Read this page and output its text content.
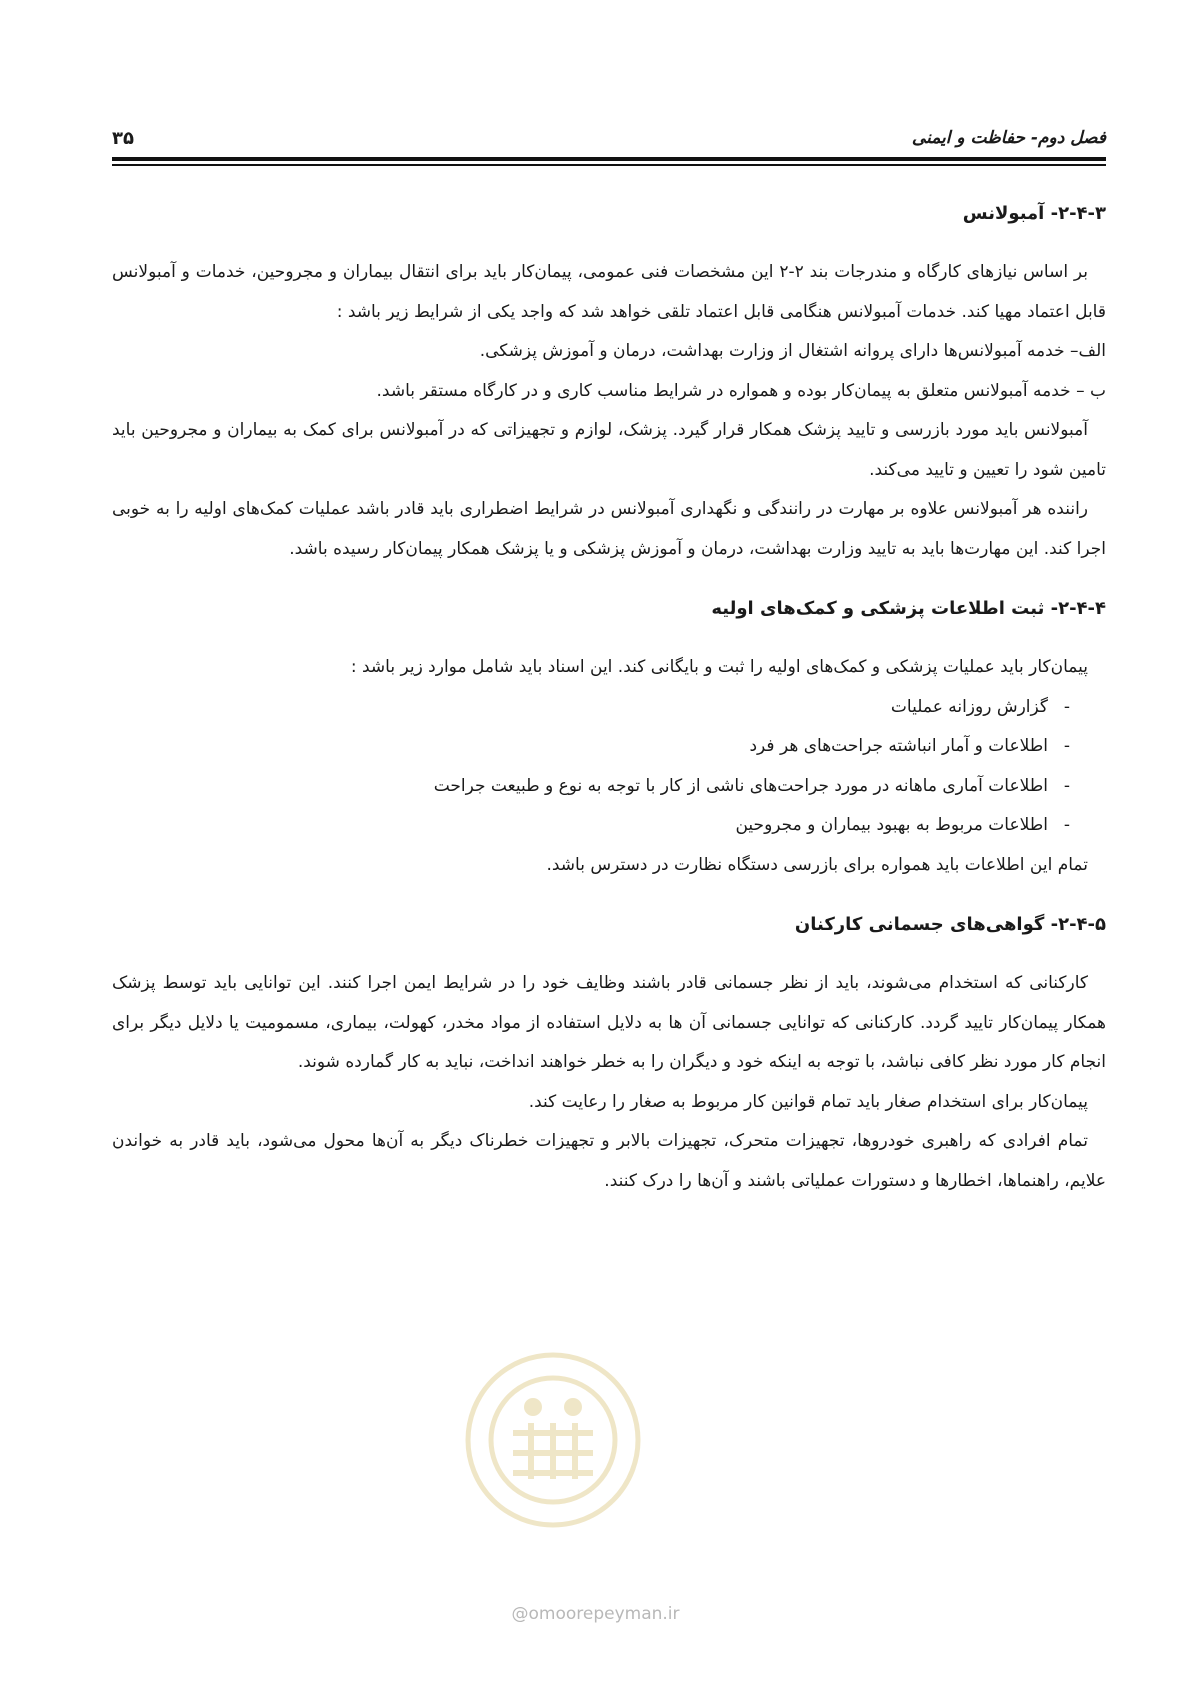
فصل دوم- حفاظت و ایمنی
۳۵
۲-۴-۳- آمبولانس

بر اساس نیازهای کارگاه و مندرجات بند ۲-۲ این مشخصات فنی عمومی، پیمان‌کار باید برای انتقال بیماران و مجروحین، خدمات و آمبولانس قابل اعتماد مهیا کند. خدمات آمبولانس هنگامی قابل اعتماد تلقی خواهد شد که واجد یکی از شرایط زیر باشد :

الف– خدمه آمبولانس‌ها دارای پروانه اشتغال از وزارت بهداشت، درمان و آموزش پزشکی.

ب – خدمه آمبولانس متعلق به پیمان‌کار بوده و همواره در شرایط مناسب کاری و در کارگاه مستقر باشد.

آمبولانس باید مورد بازرسی و تایید پزشک همکار قرار گیرد. پزشک، لوازم و تجهیزاتی که در آمبولانس برای کمک به بیماران و مجروحین باید تامین شود را تعیین و تایید می‌کند.

راننده هر آمبولانس علاوه بر مهارت در رانندگی و نگهداری آمبولانس در شرایط اضطراری باید قادر باشد عملیات کمک‌های اولیه را به خوبی اجرا کند. این مهارت‌ها باید به تایید وزارت بهداشت، درمان و آموزش پزشکی و یا پزشک همکار پیمان‌کار رسیده باشد.

۲-۴-۴- ثبت اطلاعات پزشکی و کمک‌های اولیه

پیمان‌کار باید عملیات پزشکی و کمک‌های اولیه را ثبت و بایگانی کند. این اسناد باید شامل موارد زیر باشد :

-گزارش روزانه عملیات
-اطلاعات و آمار انباشته جراحت‌های هر فرد
-اطلاعات آماری ماهانه در مورد جراحت‌های ناشی از کار با توجه به نوع و طبیعت جراحت
-اطلاعات مربوط به بهبود بیماران و مجروحین

تمام این اطلاعات باید همواره برای بازرسی دستگاه نظارت در دسترس باشد.

۲-۴-۵- گواهی‌های جسمانی کارکنان

کارکنانی که استخدام می‌شوند، باید از نظر جسمانی قادر باشند وظایف خود را در شرایط ایمن اجرا کنند. این توانایی باید توسط پزشک همکار پیمان‌کار تایید گردد. کارکنانی که توانایی جسمانی آن ها به دلایل استفاده از مواد مخدر، کهولت، بیماری، مسمومیت یا دلایل دیگر برای انجام کار مورد نظر کافی نباشد، با توجه به اینکه خود و دیگران را به خطر خواهند انداخت، نباید به کار گمارده شوند.

پیمان‌کار برای استخدام صغار باید تمام قوانین کار مربوط به صغار را رعایت کند.

تمام افرادی که راهبری خودروها، تجهیزات متحرک، تجهیزات بالابر و تجهیزات خطرناک دیگر به آن‌ها محول می‌شود، باید قادر به خواندن علایم، راهنماها، اخطارها و دستورات عملیاتی باشند و آن‌ها را درک کنند.

@omoorepeyman.ir
